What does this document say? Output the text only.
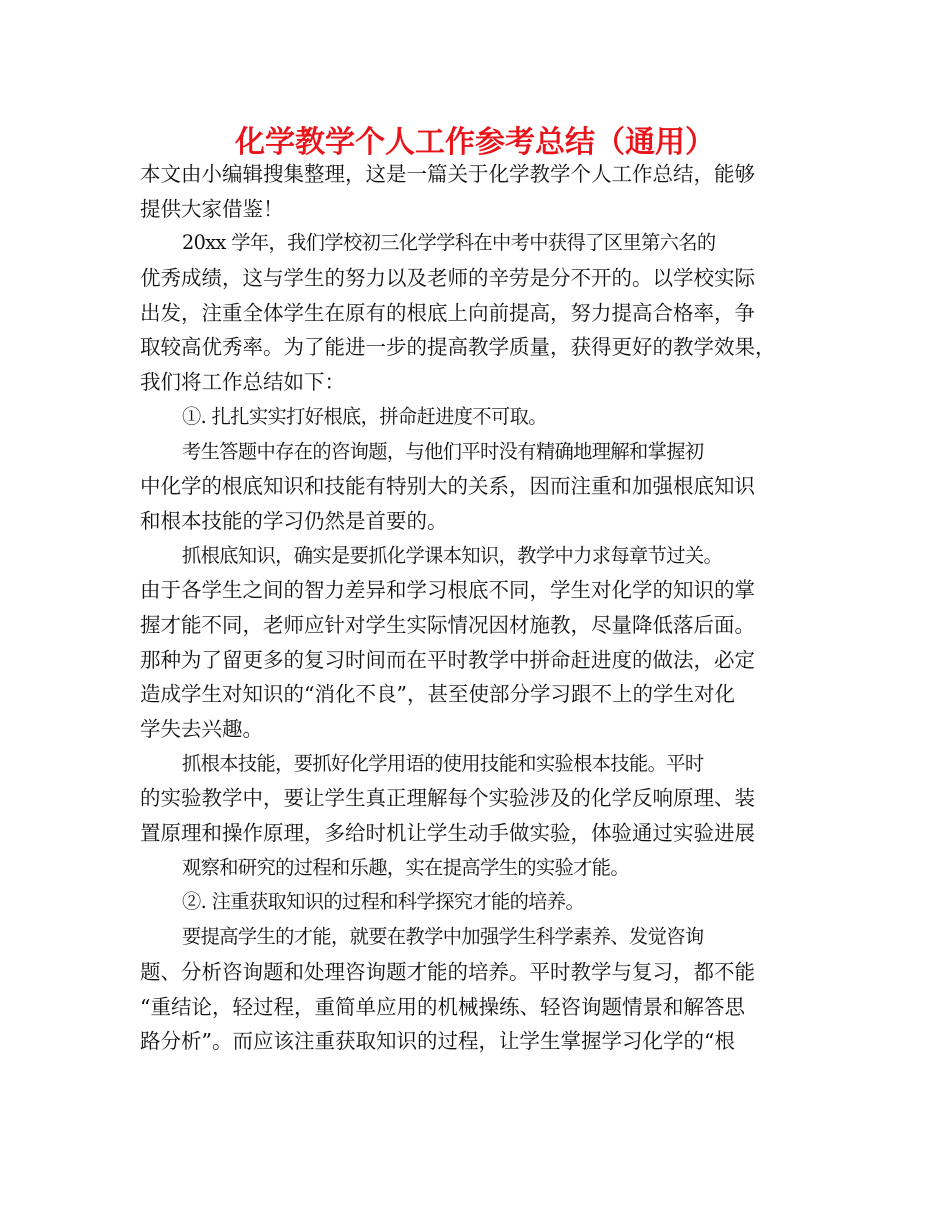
化学教学个人工作参考总结（通用）
本文由小编辑搜集整理，这是一篇关于化学教学个人工作总结，能够
提供大家借鉴！
20xx 学年，我们学校初三化学学科在中考中获得了区里第六名的
优秀成绩，这与学生的努力以及老师的辛劳是分不开的。以学校实际
出发，注重全体学生在原有的根底上向前提高，努力提高合格率，争
取较高优秀率。为了能进一步的提高教学质量，获得更好的教学效果，
我们将工作总结如下：
①. 扎扎实实打好根底，拼命赶进度不可取。
考生答题中存在的咨询题，与他们平时没有精确地理解和掌握初
中化学的根底知识和技能有特别大的关系，因而注重和加强根底知识
和根本技能的学习仍然是首要的。
抓根底知识，确实是要抓化学课本知识，教学中力求每章节过关。
由于各学生之间的智力差异和学习根底不同，学生对化学的知识的掌
握才能不同，老师应针对学生实际情况因材施教，尽量降低落后面。
那种为了留更多的复习时间而在平时教学中拼命赶进度的做法，必定
造成学生对知识的“消化不良”，甚至使部分学习跟不上的学生对化
学失去兴趣。
抓根本技能，要抓好化学用语的使用技能和实验根本技能。平时
的实验教学中，要让学生真正理解每个实验涉及的化学反响原理、装
置原理和操作原理，多给时机让学生动手做实验，体验通过实验进展
观察和研究的过程和乐趣，实在提高学生的实验才能。
②. 注重获取知识的过程和科学探究才能的培养。
要提高学生的才能，就要在教学中加强学生科学素养、发觉咨询
题、分析咨询题和处理咨询题才能的培养。平时教学与复习，都不能
“重结论，轻过程，重简单应用的机械操练、轻咨询题情景和解答思
路分析”。而应该注重获取知识的过程，让学生掌握学习化学的“根
